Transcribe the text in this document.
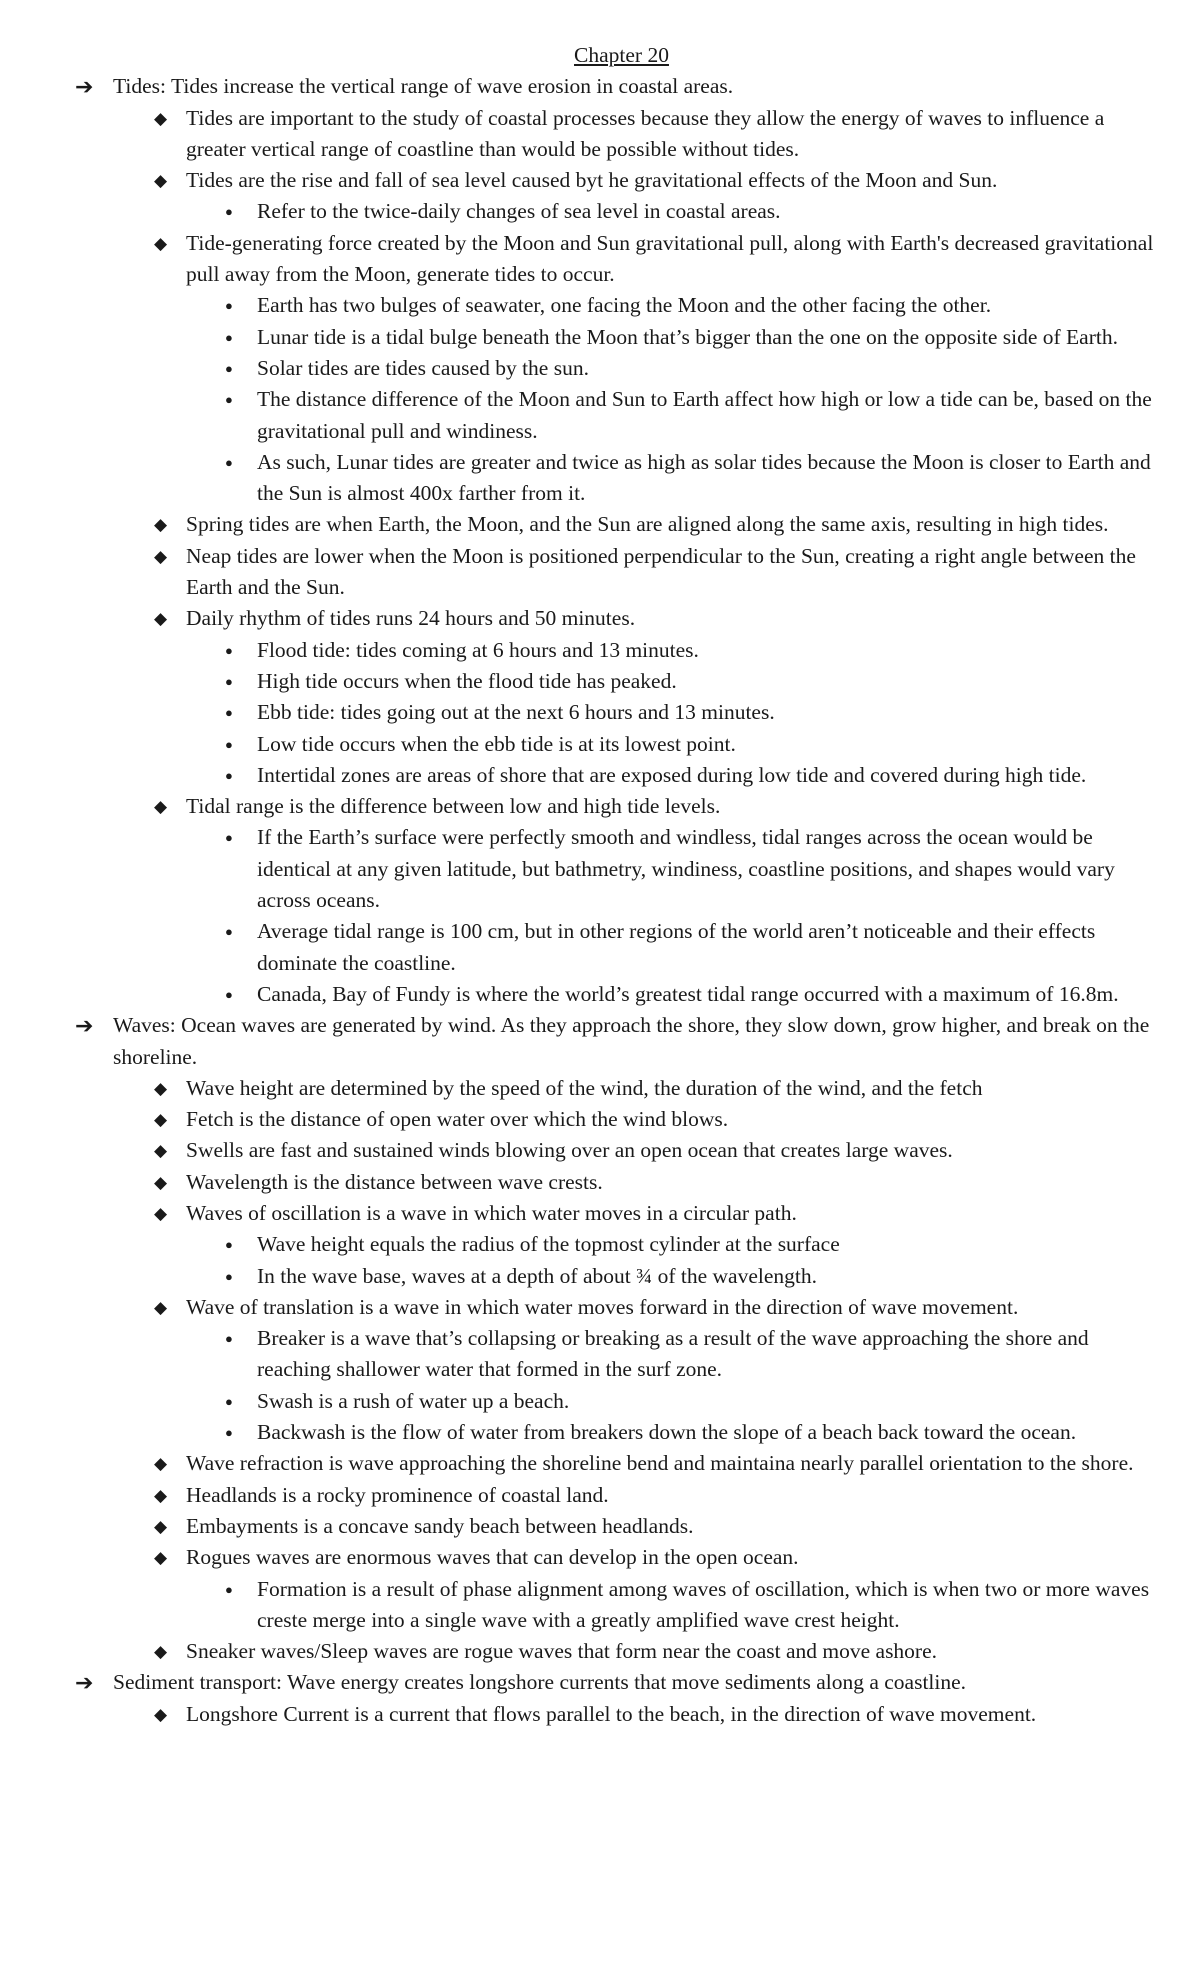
Chapter 20
➔ Tides: Tides increase the vertical range of wave erosion in coastal areas.
◆ Tides are important to the study of coastal processes because they allow the energy of waves to influence a greater vertical range of coastline than would be possible without tides.
◆ Tides are the rise and fall of sea level caused byt he gravitational effects of the Moon and Sun.
● Refer to the twice-daily changes of sea level in coastal areas.
◆ Tide-generating force created by the Moon and Sun gravitational pull, along with Earth's decreased gravitational pull away from the Moon, generate tides to occur.
● Earth has two bulges of seawater, one facing the Moon and the other facing the other.
● Lunar tide is a tidal bulge beneath the Moon that’s bigger than the one on the opposite side of Earth.
● Solar tides are tides caused by the sun.
● The distance difference of the Moon and Sun to Earth affect how high or low a tide can be, based on the gravitational pull and windiness.
● As such, Lunar tides are greater and twice as high as solar tides because the Moon is closer to Earth and the Sun is almost 400x farther from it.
◆ Spring tides are when Earth, the Moon, and the Sun are aligned along the same axis, resulting in high tides.
◆ Neap tides are lower when the Moon is positioned perpendicular to the Sun, creating a right angle between the Earth and the Sun.
◆ Daily rhythm of tides runs 24 hours and 50 minutes.
● Flood tide: tides coming at 6 hours and 13 minutes.
● High tide occurs when the flood tide has peaked.
● Ebb tide: tides going out at the next 6 hours and 13 minutes.
● Low tide occurs when the ebb tide is at its lowest point.
● Intertidal zones are areas of shore that are exposed during low tide and covered during high tide.
◆ Tidal range is the difference between low and high tide levels.
● If the Earth’s surface were perfectly smooth and windless, tidal ranges across the ocean would be identical at any given latitude, but bathmetry, windiness, coastline positions, and shapes would vary across oceans.
● Average tidal range is 100 cm, but in other regions of the world aren’t noticeable and their effects dominate the coastline.
● Canada, Bay of Fundy is where the world’s greatest tidal range occurred with a maximum of 16.8m.
➔ Waves: Ocean waves are generated by wind. As they approach the shore, they slow down, grow higher, and break on the shoreline.
◆ Wave height are determined by the speed of the wind, the duration of the wind, and the fetch
◆ Fetch is the distance of open water over which the wind blows.
◆ Swells are fast and sustained winds blowing over an open ocean that creates large waves.
◆ Wavelength is the distance between wave crests.
◆ Waves of oscillation is a wave in which water moves in a circular path.
● Wave height equals the radius of the topmost cylinder at the surface
● In the wave base, waves at a depth of about ¾ of the wavelength.
◆ Wave of translation is a wave in which water moves forward in the direction of wave movement.
● Breaker is a wave that’s collapsing or breaking as a result of the wave approaching the shore and reaching shallower water that formed in the surf zone.
● Swash is a rush of water up a beach.
● Backwash is the flow of water from breakers down the slope of a beach back toward the ocean.
◆ Wave refraction is wave approaching the shoreline bend and maintaina nearly parallel orientation to the shore.
◆ Headlands is a rocky prominence of coastal land.
◆ Embayments is a concave sandy beach between headlands.
◆ Rogues waves are enormous waves that can develop in the open ocean.
● Formation is a result of phase alignment among waves of oscillation, which is when two or more waves creste merge into a single wave with a greatly amplified wave crest height.
◆ Sneaker waves/Sleep waves are rogue waves that form near the coast and move ashore.
➔ Sediment transport: Wave energy creates longshore currents that move sediments along a coastline.
◆ Longshore Current is a current that flows parallel to the beach, in the direction of wave movement.
